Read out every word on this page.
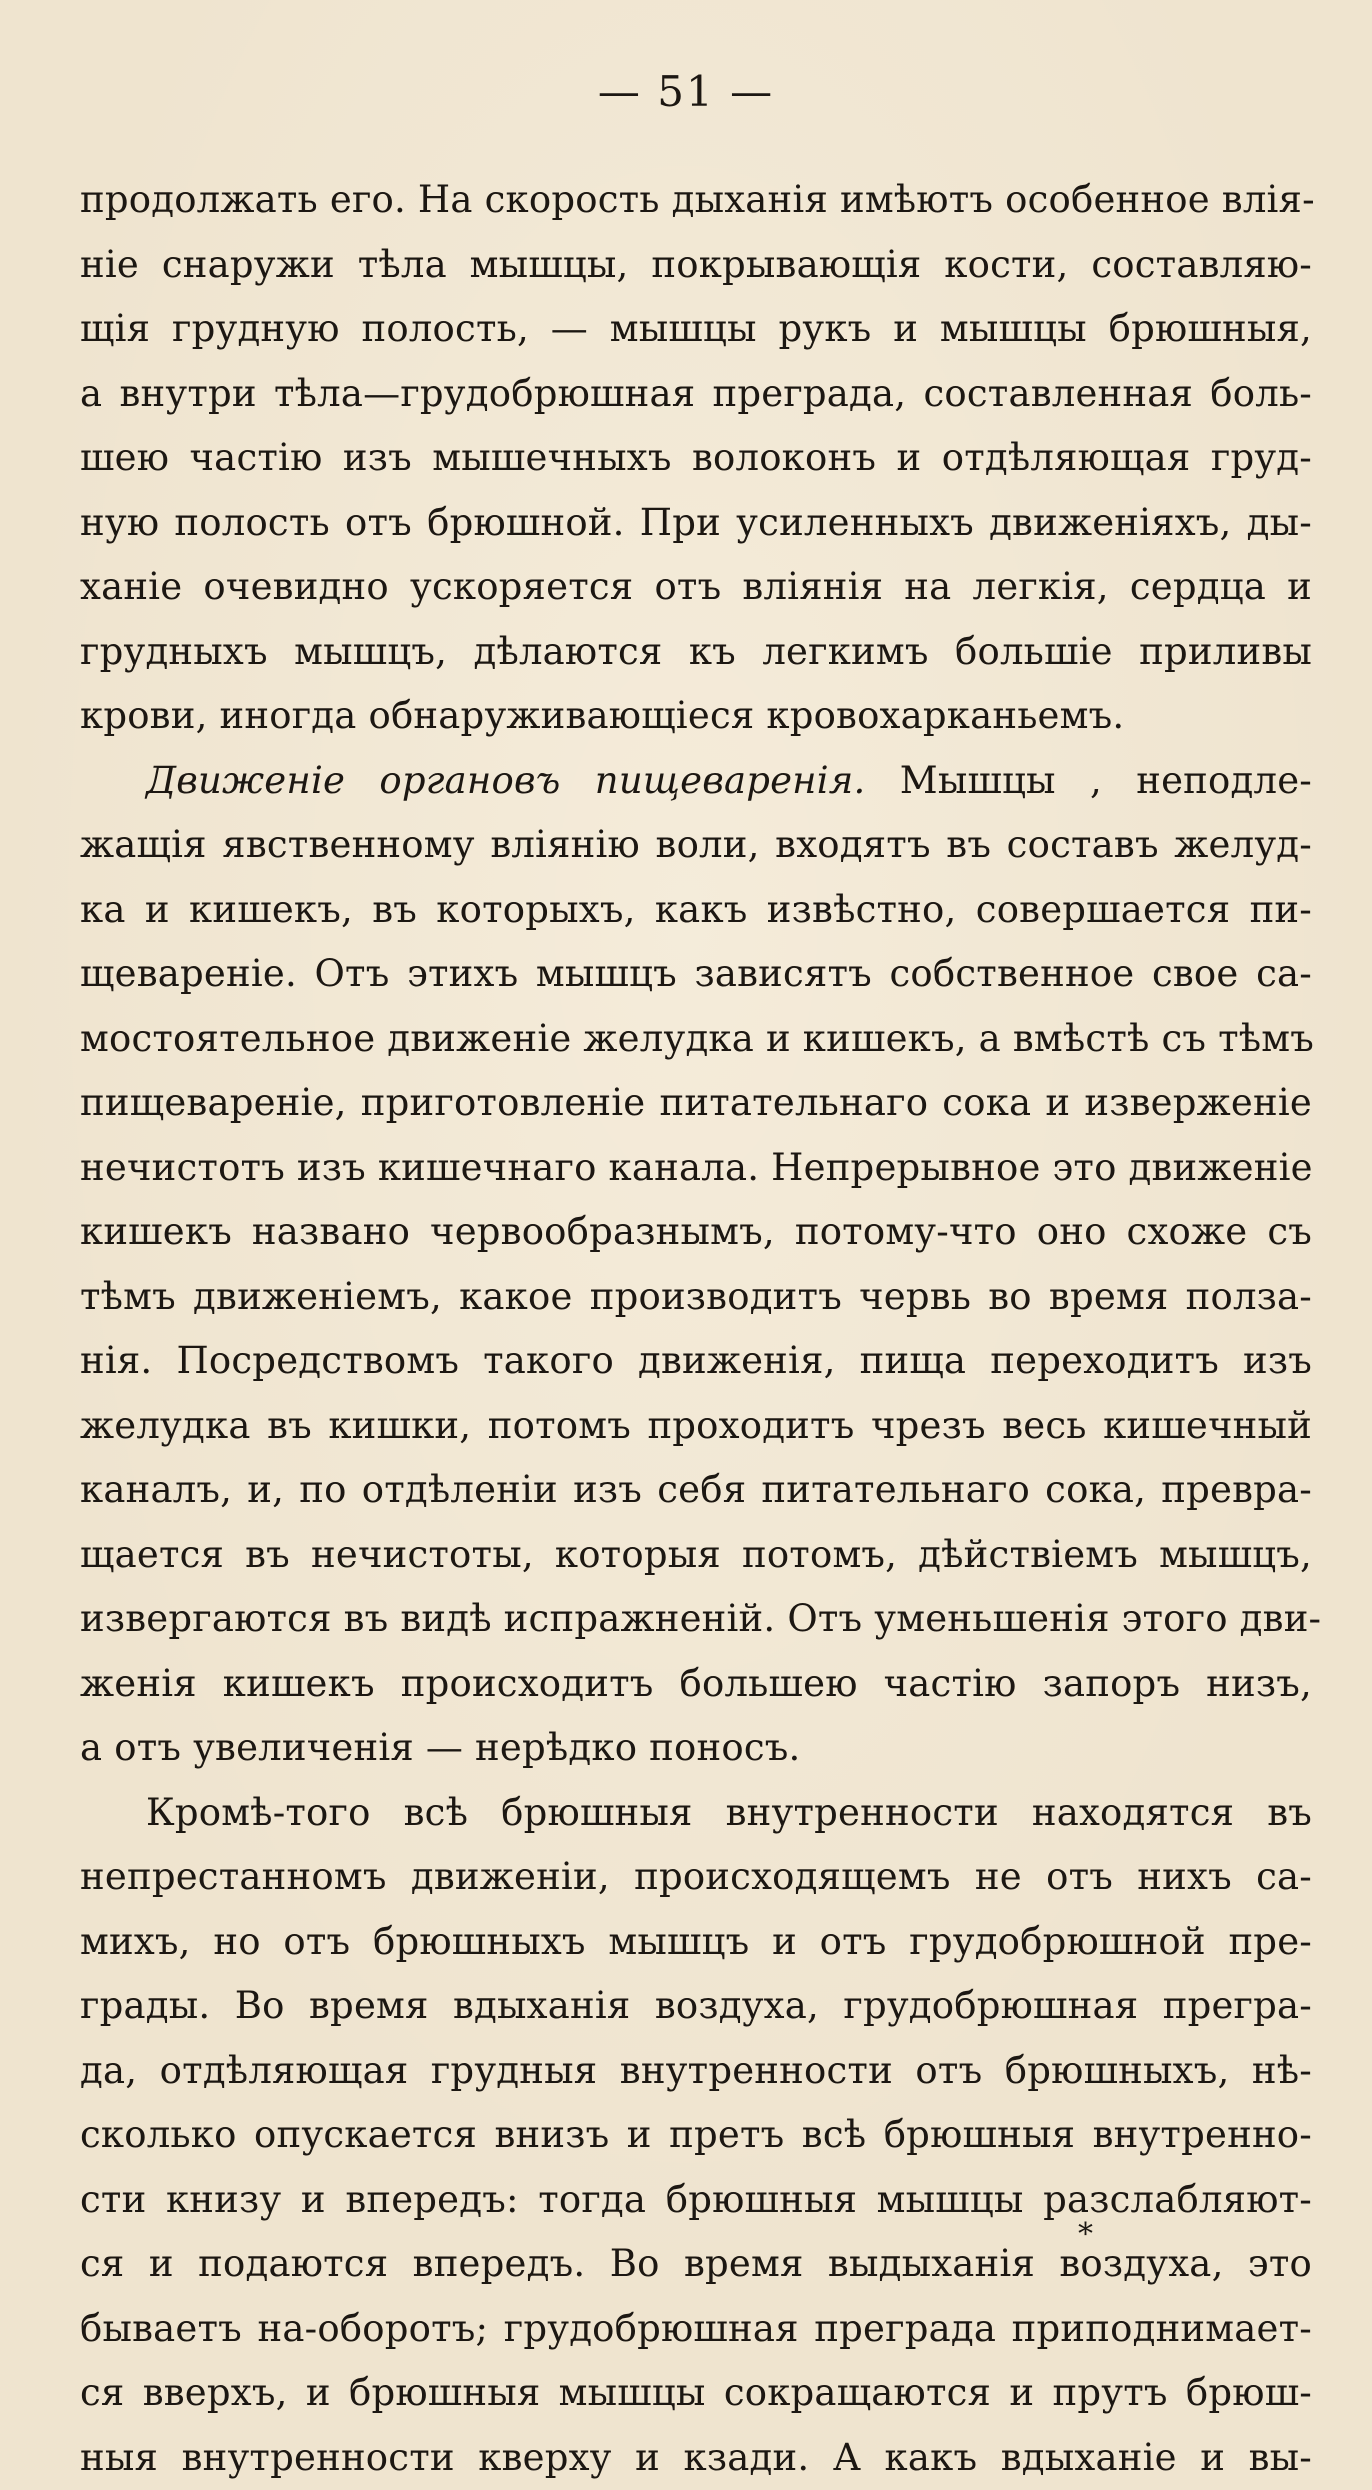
— 51 —
продолжать его. На скорость дыханія имѣютъ особенное влія-
ніе снаружи тѣла мышцы, покрывающія кости, составляю-
щія грудную полость, — мышцы рукъ и мышцы брюшныя,
а внутри тѣла—грудобрюшная преграда, составленная боль-
шею частію изъ мышечныхъ волоконъ и отдѣляющая груд-
ную полость отъ брюшной. При усиленныхъ движеніяхъ, ды-
ханіе очевидно ускоряется отъ вліянія на легкія, сердца и
грудныхъ мышцъ, дѣлаются къ легкимъ большіе приливы
крови, иногда обнаруживающіеся кровохарканьемъ.
Движеніе органовъ пищеваренія. Мышцы , неподле-
жащія явственному вліянію воли, входятъ въ составъ желуд-
ка и кишекъ, въ которыхъ, какъ извѣстно, совершается пи-
щевареніе. Отъ этихъ мышцъ зависятъ собственное свое са-
мостоятельное движеніе желудка и кишекъ, а вмѣстѣ съ тѣмъ
пищевареніе, приготовленіе питательнаго сока и изверженіе
нечистотъ изъ кишечнаго канала. Непрерывное это движеніе
кишекъ названо червообразнымъ, потому-что оно схоже съ
тѣмъ движеніемъ, какое производитъ червь во время полза-
нія. Посредствомъ такого движенія, пища переходитъ изъ
желудка въ кишки, потомъ проходитъ чрезъ весь кишечный
каналъ, и, по отдѣленіи изъ себя питательнаго сока, превра-
щается въ нечистоты, которыя потомъ, дѣйствіемъ мышцъ,
извергаются въ видѣ испражненій. Отъ уменьшенія этого дви-
женія кишекъ происходитъ большею частію запоръ низъ,
а отъ увеличенія — нерѣдко поносъ.
Кромѣ-того всѣ брюшныя внутренности находятся въ
непрестанномъ движеніи, происходящемъ не отъ нихъ са-
михъ, но отъ брюшныхъ мышцъ и отъ грудобрюшной пре-
грады. Во время вдыханія воздуха, грудобрюшная прегра-
да, отдѣляющая грудныя внутренности отъ брюшныхъ, нѣ-
сколько опускается внизъ и претъ всѣ брюшныя внутренно-
сти книзу и впередъ: тогда брюшныя мышцы разслабляют-
ся и подаются впередъ. Во время выдыханія воздуха, это
бываетъ на-оборотъ; грудобрюшная преграда приподнимает-
ся вверхъ, и брюшныя мышцы сокращаются и прутъ брюш-
ныя внутренности кверху и кзади. А какъ вдыханіе и вы-
*
